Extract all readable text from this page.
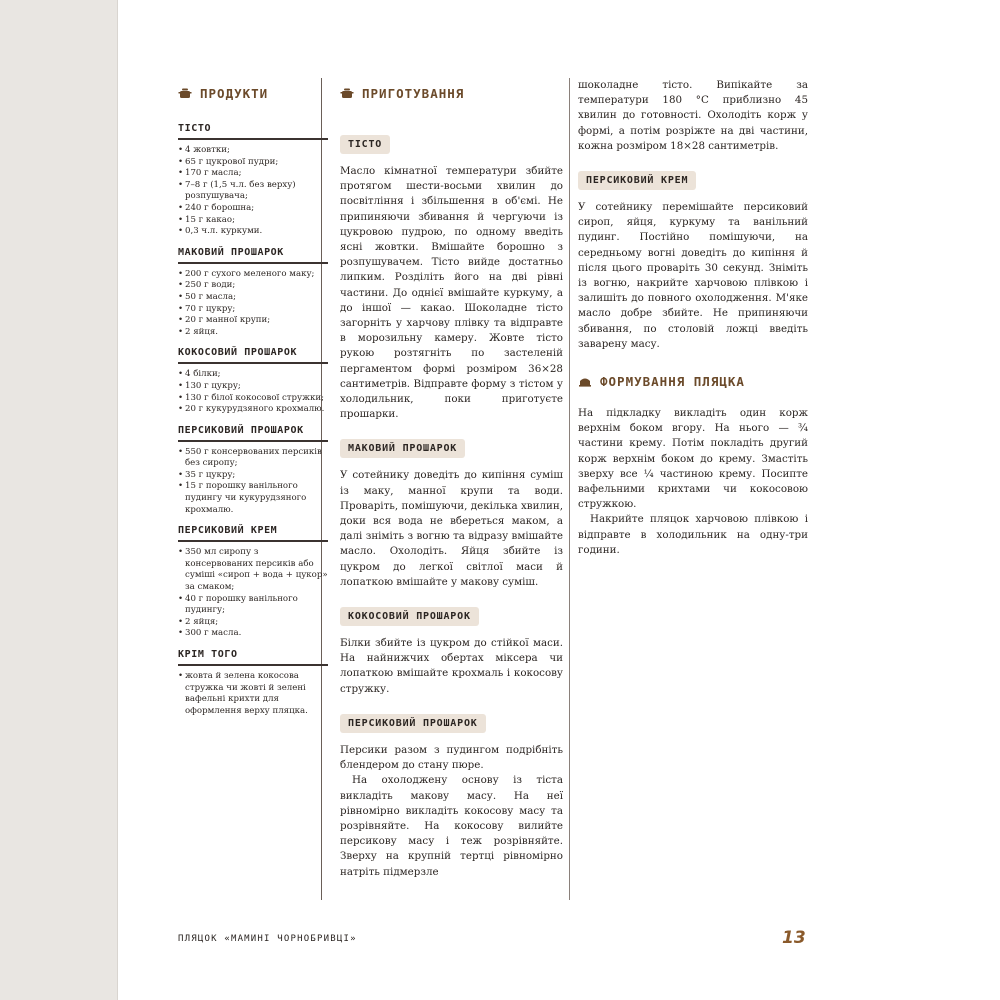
ПРОДУКТИ
ТІСТО
• 4 жовтки;
• 65 г цукрової пудри;
• 170 г масла;
• 7–8 г (1,5 ч.л. без верху) розпушувача;
• 240 г борошна;
• 15 г какао;
• 0,3 ч.л. куркуми.
МАКОВИЙ ПРОШАРОК
• 200 г сухого меленого маку;
• 250 г води;
• 50 г масла;
• 70 г цукру;
• 20 г манної крупи;
• 2 яйця.
КОКОСОВИЙ ПРОШАРОК
• 4 білки;
• 130 г цукру;
• 130 г білої кокосової стружки;
• 20 г кукурудзяного крохмалю.
ПЕРСИКОВИЙ ПРОШАРОК
• 550 г консервованих персиків без сиропу;
• 35 г цукру;
• 15 г порошку ванільного пудингу чи кукурудзяного крохмалю.
ПЕРСИКОВИЙ КРЕМ
• 350 мл сиропу з консервованих персиків або суміші «сироп + вода + цукор» за смаком;
• 40 г порошку ванільного пудингу;
• 2 яйця;
• 300 г масла.
КРІМ ТОГО
• жовта й зелена кокосова стружка чи жовті й зелені вафельні крихти для оформлення верху пляцка.
ПРИГОТУВАННЯ
ТІСТО

Масло кімнатної температури збийте протягом шести-восьми хвилин до посвітління і збільшення в об'ємі. Не припиняючи збивання й чергуючи із цукровою пудрою, по одному введіть ясні жовтки. Вмішайте борошно з розпушувачем. Тісто вийде достатньо липким. Розділіть його на дві рівні частини. До однієї вмішайте куркуму, а до іншої — какао. Шоколадне тісто загорніть у харчову плівку та відправте в морозильну камеру. Жовте тісто рукою розтягніть по застеленій пергаментом формі розміром 36×28 сантиметрів. Відправте форму з тістом у холодильник, поки приготуєте прошарки.

МАКОВИЙ ПРОШАРОК

У сотейнику доведіть до кипіння суміш із маку, манної крупи та води. Проваріть, помішуючи, декілька хвилин, доки вся вода не вбереться маком, а далі зніміть з вогню та відразу вмішайте масло. Охолодіть. Яйця збийте із цукром до легкої світлої маси й лопаткою вмішайте у макову суміш.

КОКОСОВИЙ ПРОШАРОК

Білки збийте із цукром до стійкої маси. На найнижчих обертах міксера чи лопаткою вмішайте крохмаль і кокосову стружку.

ПЕРСИКОВИЙ ПРОШАРОК

Персики разом з пудингом подрібніть блендером до стану пюре.

На охолоджену основу із тіста викладіть макову масу. На неї рівномірно викладіть кокосову масу та розрівняйте. На кокосову вилийте персикову масу і теж розрівняйте. Зверху на крупній тертці рівномірно натріть підмерзле

шоколадне тісто. Випікайте за температури 180 °С приблизно 45 хвилин до готовності. Охолодіть корж у формі, а потім розріжте на дві частини, кожна розміром 18×28 сантиметрів.

ПЕРСИКОВИЙ КРЕМ

У сотейнику перемішайте персиковий сироп, яйця, куркуму та ванільний пудинг. Постійно помішуючи, на середньому вогні доведіть до кипіння й після цього проваріть 30 секунд. Зніміть із вогню, накрийте харчовою плівкою і залишіть до повного охолодження. М'яке масло добре збийте. Не припиняючи збивання, по столовій ложці введіть заварену масу.

ФОРМУВАННЯ ПЛЯЦКА

На підкладку викладіть один корж верхнім боком вгору. На нього — ¾ частини крему. Потім покладіть другий корж верхнім боком до крему. Змастіть зверху все ¼ частиною крему. Посипте вафельними крихтами чи кокосовою стружкою.

Накрийте пляцок харчовою плівкою і відправте в холодильник на одну-три години.

ПЛЯЦОК «МАМИНІ ЧОРНОБРИВЦІ»	13
